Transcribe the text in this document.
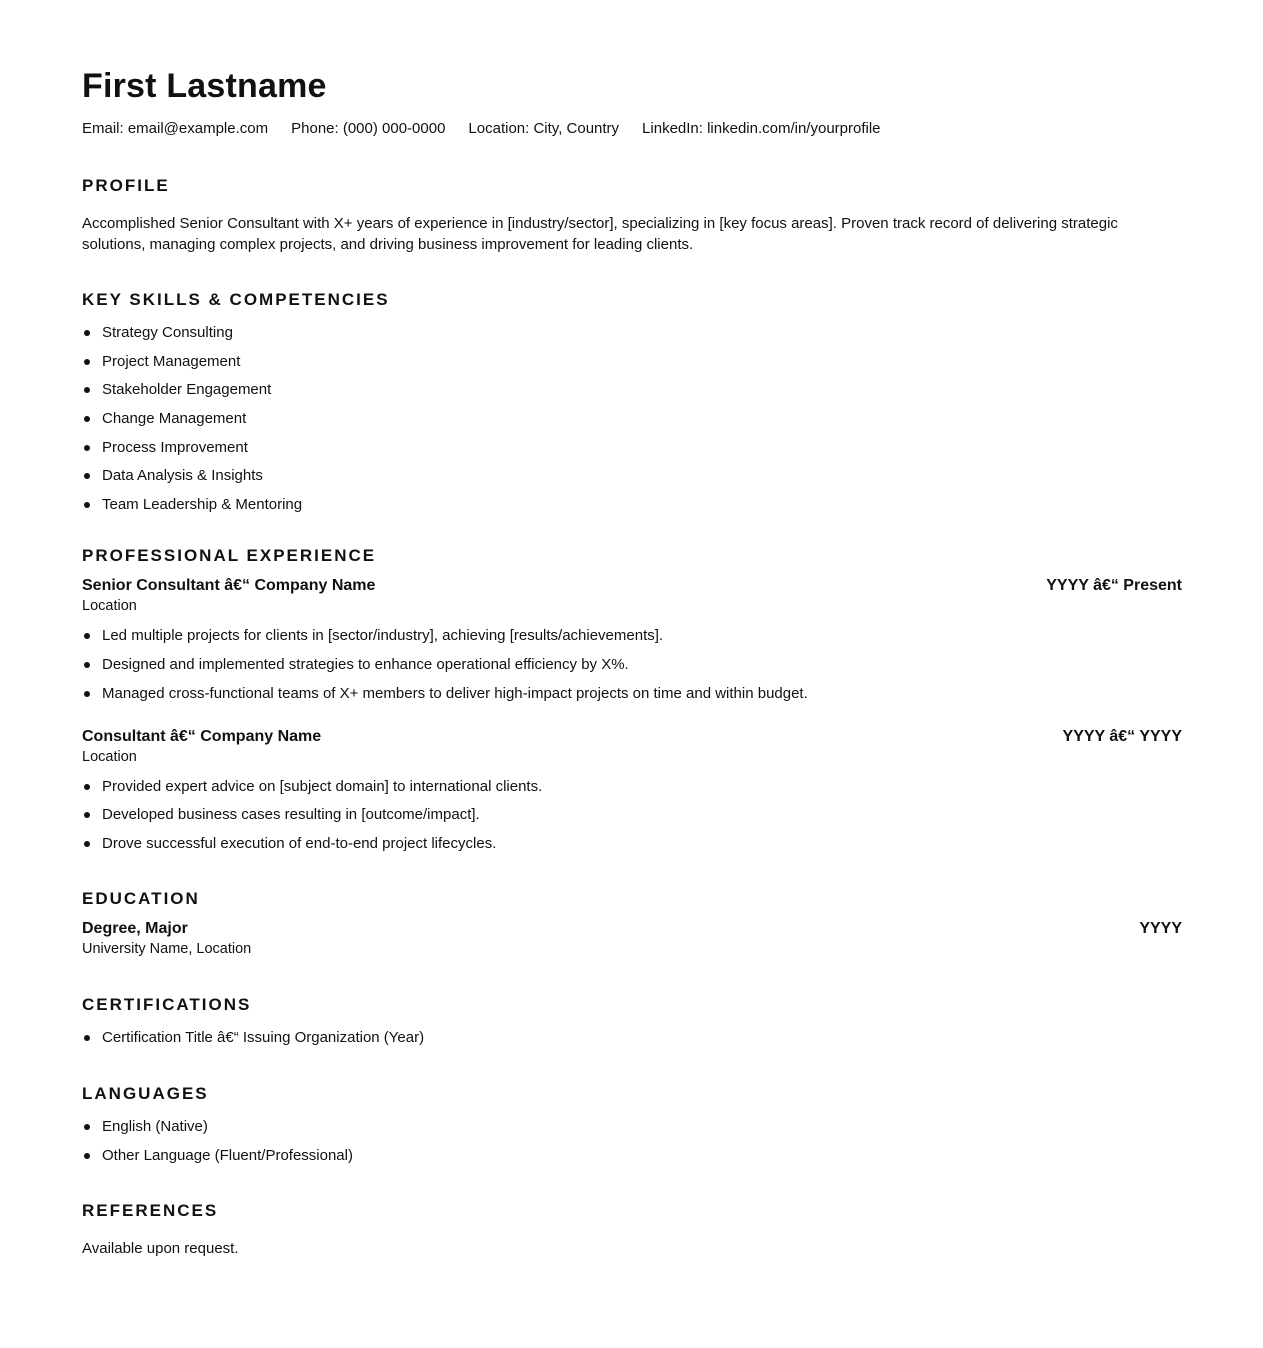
First Lastname
Email: email@example.com Phone: (000) 000-0000 Location: City, Country LinkedIn: linkedin.com/in/yourprofile
PROFILE

Accomplished Senior Consultant with X+ years of experience in [industry/sector], specializing in [key focus areas]. Proven track record of delivering strategic solutions, managing complex projects, and driving business improvement for leading clients.

KEY SKILLS & COMPETENCIES
Strategy Consulting
Project Management
Stakeholder Engagement
Change Management
Process Improvement
Data Analysis & Insights
Team Leadership & Mentoring
PROFESSIONAL EXPERIENCE
Senior Consultant â€“ Company Name	YYYY â€“ Present
Location
Led multiple projects for clients in [sector/industry], achieving [results/achievements].
Designed and implemented strategies to enhance operational efficiency by X%.
Managed cross-functional teams of X+ members to deliver high-impact projects on time and within budget.
Consultant â€“ Company Name	YYYY â€“ YYYY
Location
Provided expert advice on [subject domain] to international clients.
Developed business cases resulting in [outcome/impact].
Drove successful execution of end-to-end project lifecycles.
EDUCATION
Degree, Major	YYYY
University Name, Location
CERTIFICATIONS
Certification Title â€“ Issuing Organization (Year)
LANGUAGES
English (Native)
Other Language (Fluent/Professional)
REFERENCES

Available upon request.
